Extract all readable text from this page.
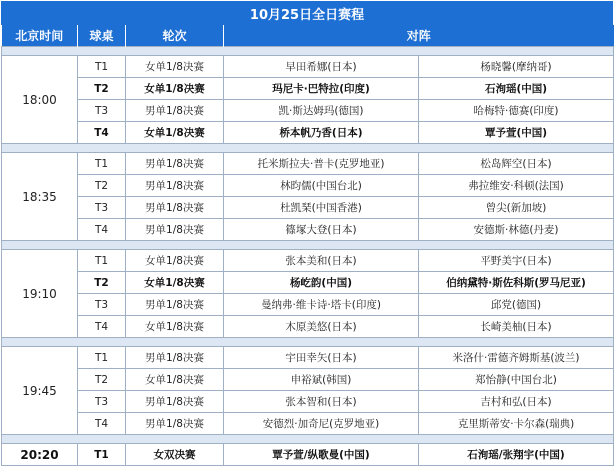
10月25日全日赛程
北京时间	球桌	轮次	对阵	

18:00	T1	女单1/8决赛	早田希娜(日本)	杨晓馨(摩纳哥)
	T2	女单1/8决赛	玛尼卡·巴特拉(印度)	石洵瑶(中国)
	T3	男单1/8决赛	凯·斯达姆玛(德国)	哈梅特·德赛(印度)
	T4	女单1/8决赛	桥本帆乃香(日本)	覃予萱(中国)

18:35	T1	男单1/8决赛	托米斯拉夫·普卡(克罗地亚)	松岛辉空(日本)
	T2	男单1/8决赛	林昀儒(中国台北)	弗拉维安·科顿(法国)
	T3	男单1/8决赛	杜凯琹(中国香港)	曾尖(新加坡)
	T4	男单1/8决赛	篠塚大登(日本)	安德斯·林德(丹麦)

19:10	T1	女单1/8决赛	张本美和(日本)	平野美宇(日本)
	T2	女单1/8决赛	杨屹韵(中国)	伯纳黛特·斯佐科斯(罗马尼亚)
	T3	男单1/8决赛	曼纳弗·维卡诗·塔卡(印度)	邱党(德国)
	T4	女单1/8决赛	木原美悠(日本)	长崎美柚(日本)

19:45	T1	男单1/8决赛	宇田幸矢(日本)	米洛什·雷德齐姆斯基(波兰)
	T2	女单1/8决赛	申裕斌(韩国)	郑怡静(中国台北)
	T3	男单1/8决赛	张本智和(日本)	吉村和弘(日本)
	T4	男单1/8决赛	安德烈·加奇尼(克罗地亚)	克里斯蒂安·卡尔森(瑞典)

20:20	T1	女双决赛	覃予萱/纵歌曼(中国)	石洵瑶/张翔宇(中国)
